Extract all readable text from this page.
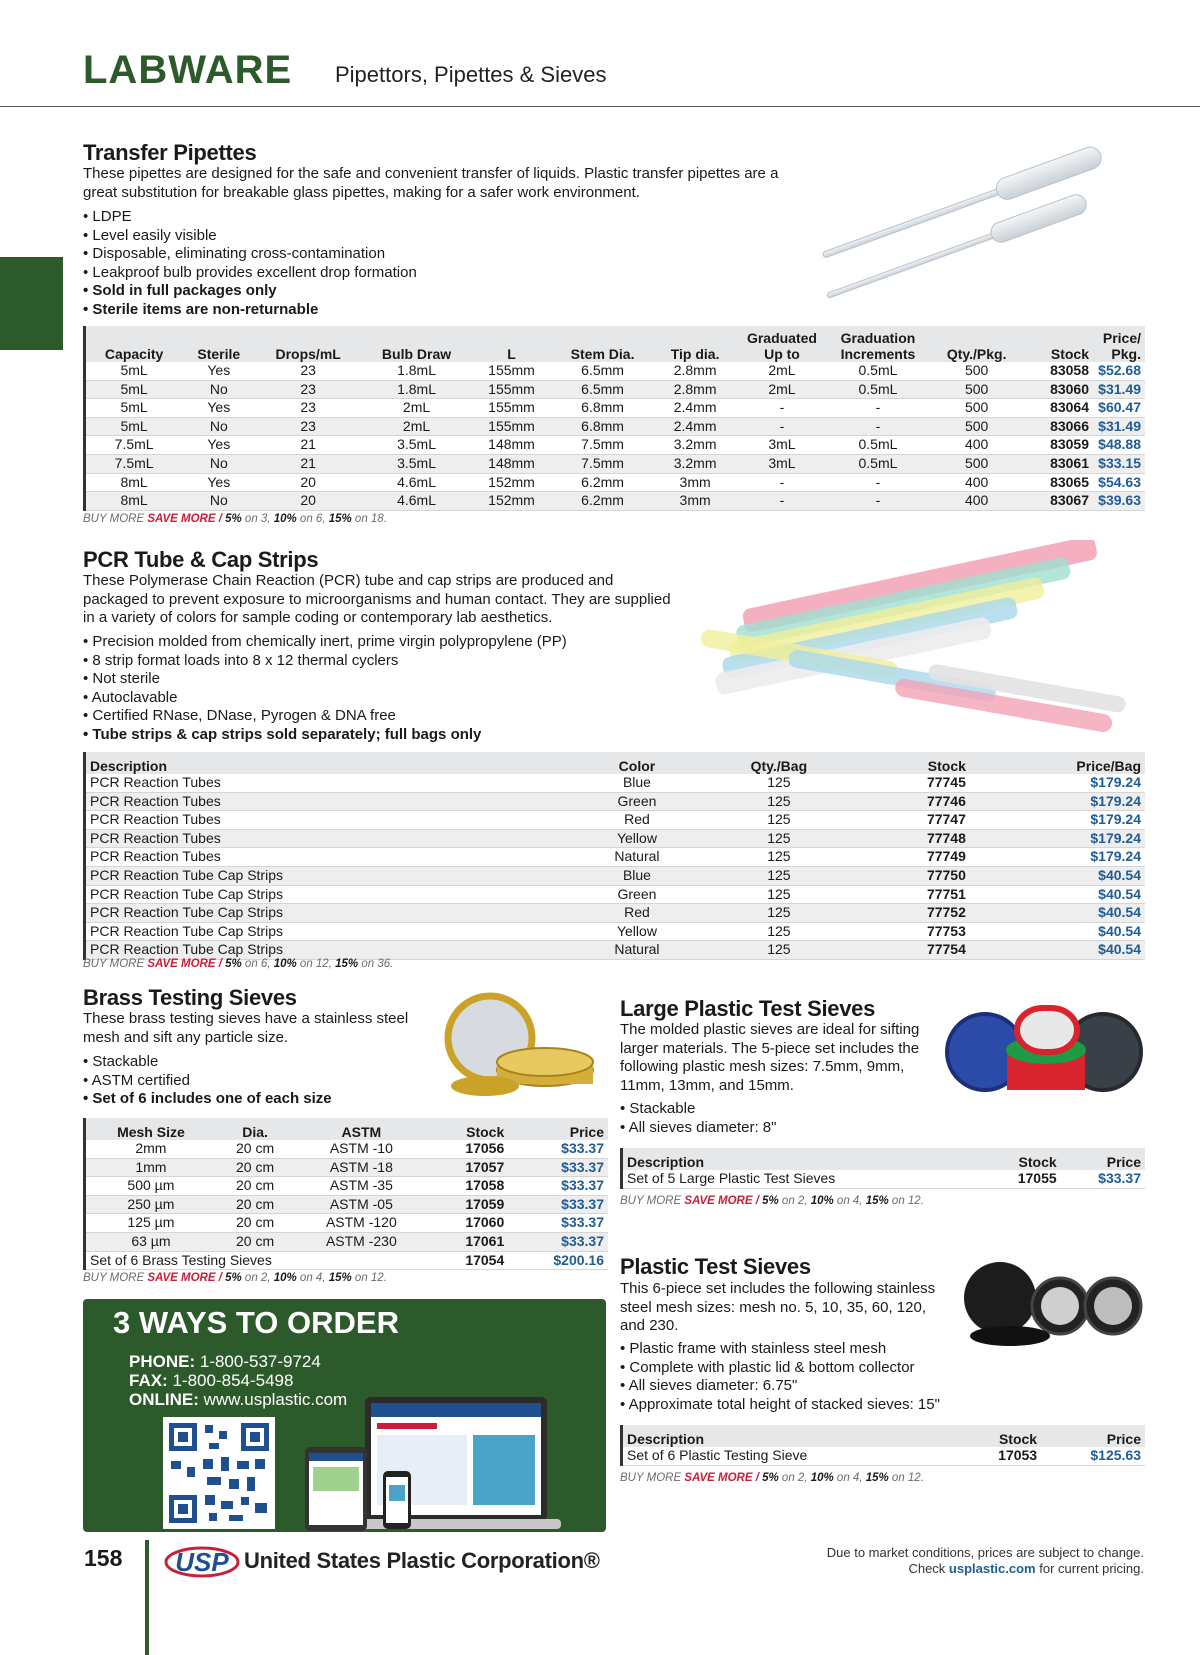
LABWARE Pipettors, Pipettes & Sieves
Transfer Pipettes
These pipettes are designed for the safe and convenient transfer of liquids. Plastic transfer pipettes are a great substitution for breakable glass pipettes, making for a safer work environment.
• LDPE
• Level easily visible
• Disposable, eliminating cross-contamination
• Leakproof bulb provides excellent drop formation
• Sold in full packages only
• Sterile items are non-returnable
Capacity	Sterile	Drops/mL	Bulb Draw	L	Stem Dia.	Tip dia.	Graduated Up to	Graduation Increments	Qty./Pkg.	Stock	Price/ Pkg.
5mL	Yes	23	1.8mL	155mm	6.5mm	2.8mm	2mL	0.5mL	500	83058	$52.68
5mL	No	23	1.8mL	155mm	6.5mm	2.8mm	2mL	0.5mL	500	83060	$31.49
5mL	Yes	23	2mL	155mm	6.8mm	2.4mm	-	-	500	83064	$60.47
5mL	No	23	2mL	155mm	6.8mm	2.4mm	-	-	500	83066	$31.49
7.5mL	Yes	21	3.5mL	148mm	7.5mm	3.2mm	3mL	0.5mL	400	83059	$48.88
7.5mL	No	21	3.5mL	148mm	7.5mm	3.2mm	3mL	0.5mL	500	83061	$33.15
8mL	Yes	20	4.6mL	152mm	6.2mm	3mm	-	-	400	83065	$54.63
8mL	No	20	4.6mL	152mm	6.2mm	3mm	-	-	400	83067	$39.63
BUY MORE SAVE MORE / 5% on 3, 10% on 6, 15% on 18.
PCR Tube & Cap Strips
These Polymerase Chain Reaction (PCR) tube and cap strips are produced and packaged to prevent exposure to microorganisms and human contact. They are supplied in a variety of colors for sample coding or contemporary lab aesthetics.
• Precision molded from chemically inert, prime virgin polypropylene (PP)
• 8 strip format loads into 8 x 12 thermal cyclers
• Not sterile
• Autoclavable
• Certified RNase, DNase, Pyrogen & DNA free
• Tube strips & cap strips sold separately; full bags only
Description	Color	Qty./Bag	Stock	Price/Bag
PCR Reaction Tubes	Blue	125	77745	$179.24
PCR Reaction Tubes	Green	125	77746	$179.24
PCR Reaction Tubes	Red	125	77747	$179.24
PCR Reaction Tubes	Yellow	125	77748	$179.24
PCR Reaction Tubes	Natural	125	77749	$179.24
PCR Reaction Tube Cap Strips	Blue	125	77750	$40.54
PCR Reaction Tube Cap Strips	Green	125	77751	$40.54
PCR Reaction Tube Cap Strips	Red	125	77752	$40.54
PCR Reaction Tube Cap Strips	Yellow	125	77753	$40.54
PCR Reaction Tube Cap Strips	Natural	125	77754	$40.54
BUY MORE SAVE MORE / 5% on 6, 10% on 12, 15% on 36.
Brass Testing Sieves
These brass testing sieves have a stainless steel mesh and sift any particle size.
• Stackable
• ASTM certified
• Set of 6 includes one of each size
Mesh Size	Dia.	ASTM	Stock	Price
2mm	20 cm	ASTM -10	17056	$33.37
1mm	20 cm	ASTM -18	17057	$33.37
500 µm	20 cm	ASTM -35	17058	$33.37
250 µm	20 cm	ASTM -05	17059	$33.37
125 µm	20 cm	ASTM -120	17060	$33.37
63 µm	20 cm	ASTM -230	17061	$33.37
Set of 6 Brass Testing Sieves			17054	$200.16
BUY MORE SAVE MORE / 5% on 2, 10% on 4, 15% on 12.
Large Plastic Test Sieves
The molded plastic sieves are ideal for sifting larger materials. The 5-piece set includes the following plastic mesh sizes: 7.5mm, 9mm, 11mm, 13mm, and 15mm.
• Stackable
• All sieves diameter: 8"
Description	Stock	Price
Set of 5 Large Plastic Test Sieves	17055	$33.37
BUY MORE SAVE MORE / 5% on 2, 10% on 4, 15% on 12.
Plastic Test Sieves
This 6-piece set includes the following stainless steel mesh sizes: mesh no. 5, 10, 35, 60, 120, and 230.
• Plastic frame with stainless steel mesh
• Complete with plastic lid & bottom collector
• All sieves diameter: 6.75"
• Approximate total height of stacked sieves: 15"
Description	Stock	Price
Set of 6 Plastic Testing Sieve	17053	$125.63
BUY MORE SAVE MORE / 5% on 2, 10% on 4, 15% on 12.
3 WAYS TO ORDER
PHONE: 1-800-537-9724
FAX: 1-800-854-5498
ONLINE: www.usplastic.com
158 USP United States Plastic Corporation®	Due to market conditions, prices are subject to change.
Check usplastic.com for current pricing.
